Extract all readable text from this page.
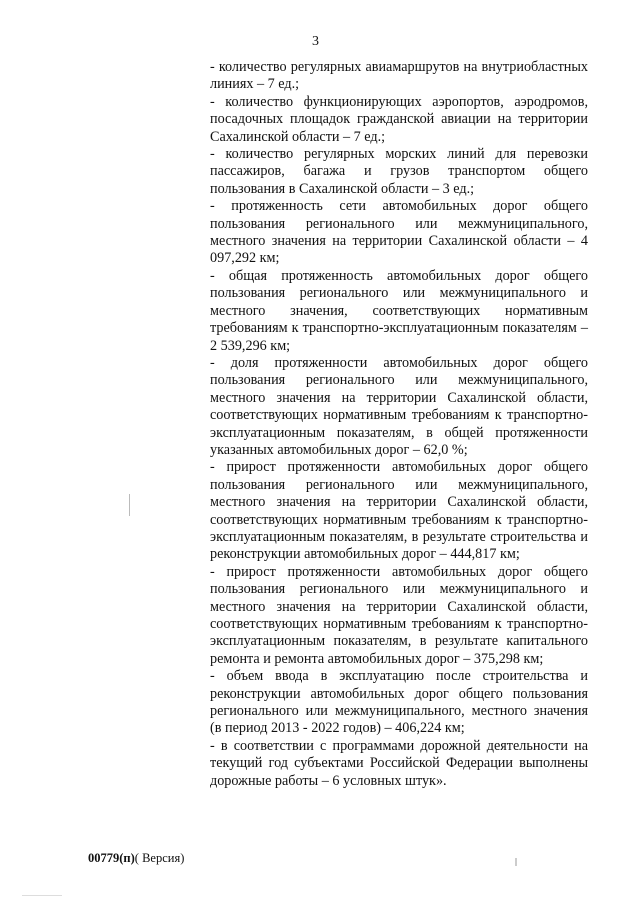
3

- количество регулярных авиамаршрутов на внутриобластных линиях – 7 ед.;

- количество функционирующих аэропортов, аэродромов, посадочных площадок гражданской авиации на территории Сахалинской области – 7 ед.;

- количество регулярных морских линий для перевозки пассажиров, багажа и грузов транспортом общего пользования в Сахалинской области – 3 ед.;

- протяженность сети автомобильных дорог общего пользования регионального или межмуниципального, местного значения на территории Сахалинской области – 4 097,292 км;

- общая протяженность автомобильных дорог общего пользования регионального или межмуниципального и местного значения, соответствующих нормативным требованиям к транспортно-эксплуатационным показателям – 2 539,296 км;

- доля протяженности автомобильных дорог общего пользования регионального или межмуниципального, местного значения на территории Сахалинской области, соответствующих нормативным требованиям к транспортно-эксплуатационным показателям, в общей протяженности указанных автомобильных дорог – 62,0 %;

- прирост протяженности автомобильных дорог общего пользования регионального или межмуниципального, местного значения на территории Сахалинской области, соответствующих нормативным требованиям к транспортно-эксплуатационным показателям, в результате строительства и реконструкции автомобильных дорог – 444,817 км;

- прирост протяженности автомобильных дорог общего пользования регионального или межмуниципального и местного значения на территории Сахалинской области, соответствующих нормативным требованиям к транспортно-эксплуатационным показателям, в результате капитального ремонта и ремонта автомобильных дорог – 375,298 км;

- объем ввода в эксплуатацию после строительства и реконструкции автомобильных дорог общего пользования регионального или межмуниципального, местного значения (в период 2013 - 2022 годов) – 406,224 км;

- в соответствии с программами дорожной деятельности на текущий год субъектами Российской Федерации выполнены дорожные работы – 6 условных штук».

00779(п)( Версия)
